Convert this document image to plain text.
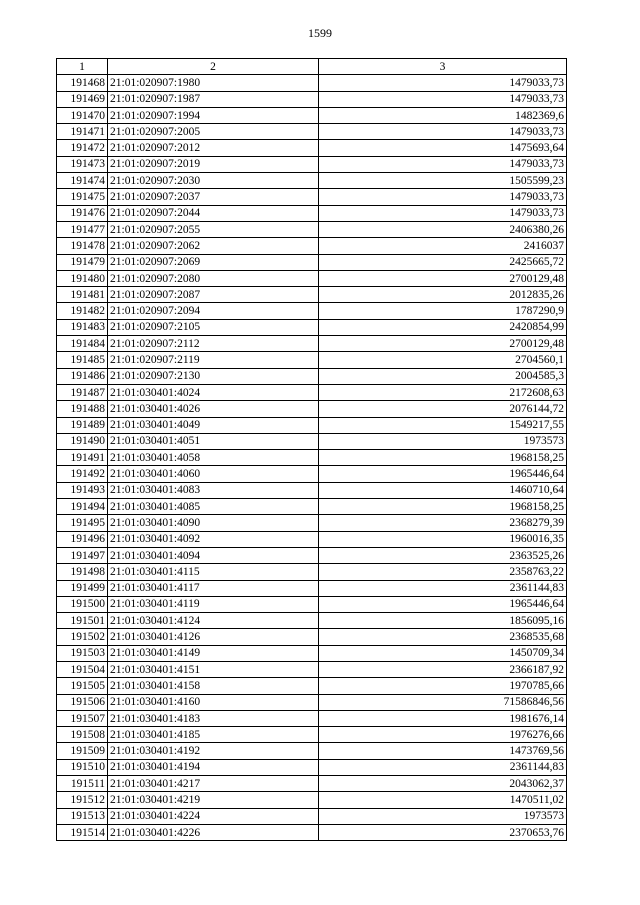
1599
1	2	3
191468	21:01:020907:1980	1479033,73
191469	21:01:020907:1987	1479033,73
191470	21:01:020907:1994	1482369,6
191471	21:01:020907:2005	1479033,73
191472	21:01:020907:2012	1475693,64
191473	21:01:020907:2019	1479033,73
191474	21:01:020907:2030	1505599,23
191475	21:01:020907:2037	1479033,73
191476	21:01:020907:2044	1479033,73
191477	21:01:020907:2055	2406380,26
191478	21:01:020907:2062	2416037
191479	21:01:020907:2069	2425665,72
191480	21:01:020907:2080	2700129,48
191481	21:01:020907:2087	2012835,26
191482	21:01:020907:2094	1787290,9
191483	21:01:020907:2105	2420854,99
191484	21:01:020907:2112	2700129,48
191485	21:01:020907:2119	2704560,1
191486	21:01:020907:2130	2004585,3
191487	21:01:030401:4024	2172608,63
191488	21:01:030401:4026	2076144,72
191489	21:01:030401:4049	1549217,55
191490	21:01:030401:4051	1973573
191491	21:01:030401:4058	1968158,25
191492	21:01:030401:4060	1965446,64
191493	21:01:030401:4083	1460710,64
191494	21:01:030401:4085	1968158,25
191495	21:01:030401:4090	2368279,39
191496	21:01:030401:4092	1960016,35
191497	21:01:030401:4094	2363525,26
191498	21:01:030401:4115	2358763,22
191499	21:01:030401:4117	2361144,83
191500	21:01:030401:4119	1965446,64
191501	21:01:030401:4124	1856095,16
191502	21:01:030401:4126	2368535,68
191503	21:01:030401:4149	1450709,34
191504	21:01:030401:4151	2366187,92
191505	21:01:030401:4158	1970785,66
191506	21:01:030401:4160	71586846,56
191507	21:01:030401:4183	1981676,14
191508	21:01:030401:4185	1976276,66
191509	21:01:030401:4192	1473769,56
191510	21:01:030401:4194	2361144,83
191511	21:01:030401:4217	2043062,37
191512	21:01:030401:4219	1470511,02
191513	21:01:030401:4224	1973573
191514	21:01:030401:4226	2370653,76
